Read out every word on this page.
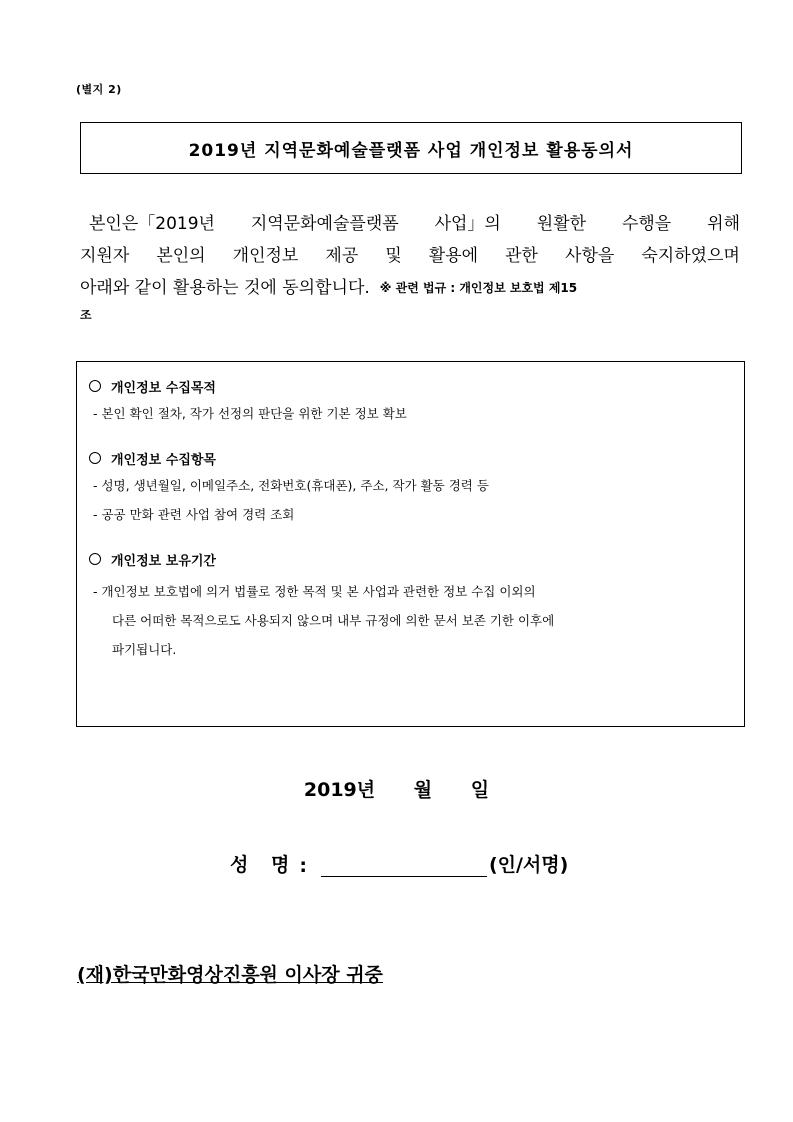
(별지 2)
2019년 지역문화예술플랫폼 사업 개인정보 활용동의서
본인은「2019년 지역문화예술플랫폼 사업」의 원활한 수행을 위해
지원자 본인의 개인정보 제공 및 활용에 관한 사항을 숙지하였으며
아래와 같이 활용하는 것에 동의합니다. ※ 관련 법규 : 개인정보 보호법 제15
조
개인정보 수집목적
- 본인 확인 절차, 작가 선정의 판단을 위한 기본 정보 확보
개인정보 수집항목
- 성명, 생년월일, 이메일주소, 전화번호(휴대폰), 주소, 작가 활동 경력 등
- 공공 만화 관련 사업 참여 경력 조회
개인정보 보유기간
- 개인정보 보호법에 의거 법률로 정한 목적 및 본 사업과 관련한 정보 수집 이외의
다른 어떠한 목적으로도 사용되지 않으며 내부 규정에 의한 문서 보존 기한 이후에
파기됩니다.
2019년 월 일
성 명 :	(인/서명)
(재)한국만화영상진흥원 이사장 귀중
